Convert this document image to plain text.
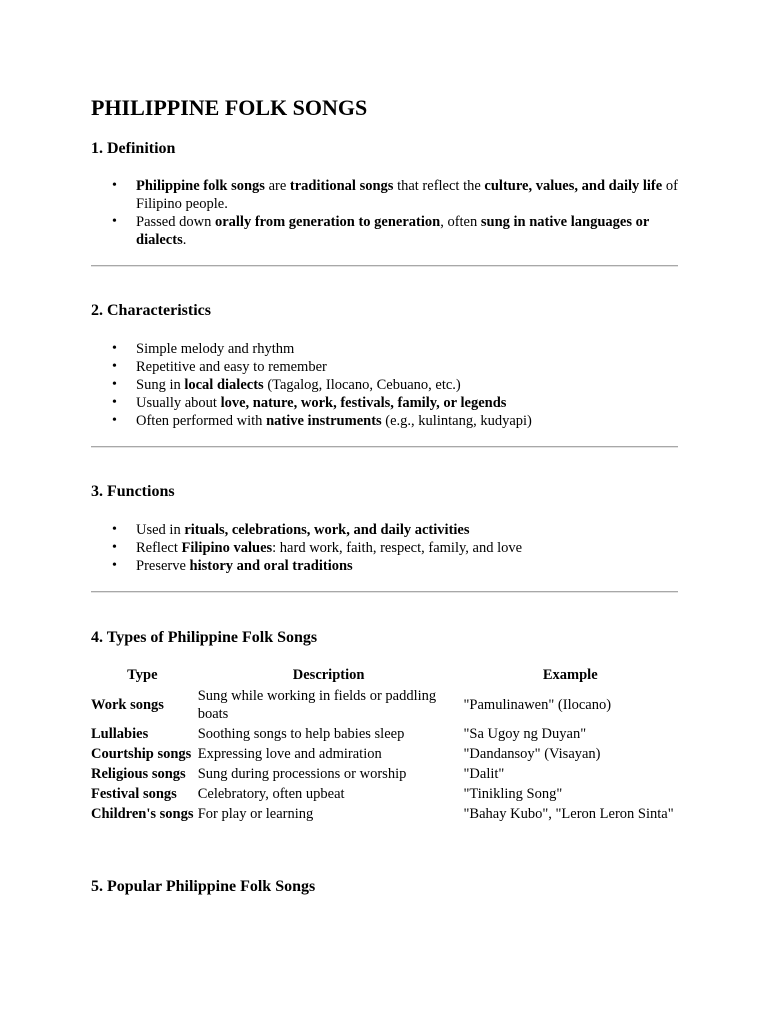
PHILIPPINE FOLK SONGS
1. Definition
• Philippine folk songs are traditional songs that reflect the culture, values, and daily life of Filipino people.
• Passed down orally from generation to generation, often sung in native languages or dialects.
2. Characteristics
• Simple melody and rhythm
• Repetitive and easy to remember
• Sung in local dialects (Tagalog, Ilocano, Cebuano, etc.)
• Usually about love, nature, work, festivals, family, or legends
• Often performed with native instruments (e.g., kulintang, kudyapi)
3. Functions
• Used in rituals, celebrations, work, and daily activities
• Reflect Filipino values: hard work, faith, respect, family, and love
• Preserve history and oral traditions
4. Types of Philippine Folk Songs
Type	Description	Example
Work songs	Sung while working in fields or paddling boats	"Pamulinawen" (Ilocano)
Lullabies	Soothing songs to help babies sleep	"Sa Ugoy ng Duyan"
Courtship songs	Expressing love and admiration	"Dandansoy" (Visayan)
Religious songs	Sung during processions or worship	"Dalit"
Festival songs	Celebratory, often upbeat	"Tinikling Song"
Children's songs	For play or learning	"Bahay Kubo", "Leron Leron Sinta"
5. Popular Philippine Folk Songs
